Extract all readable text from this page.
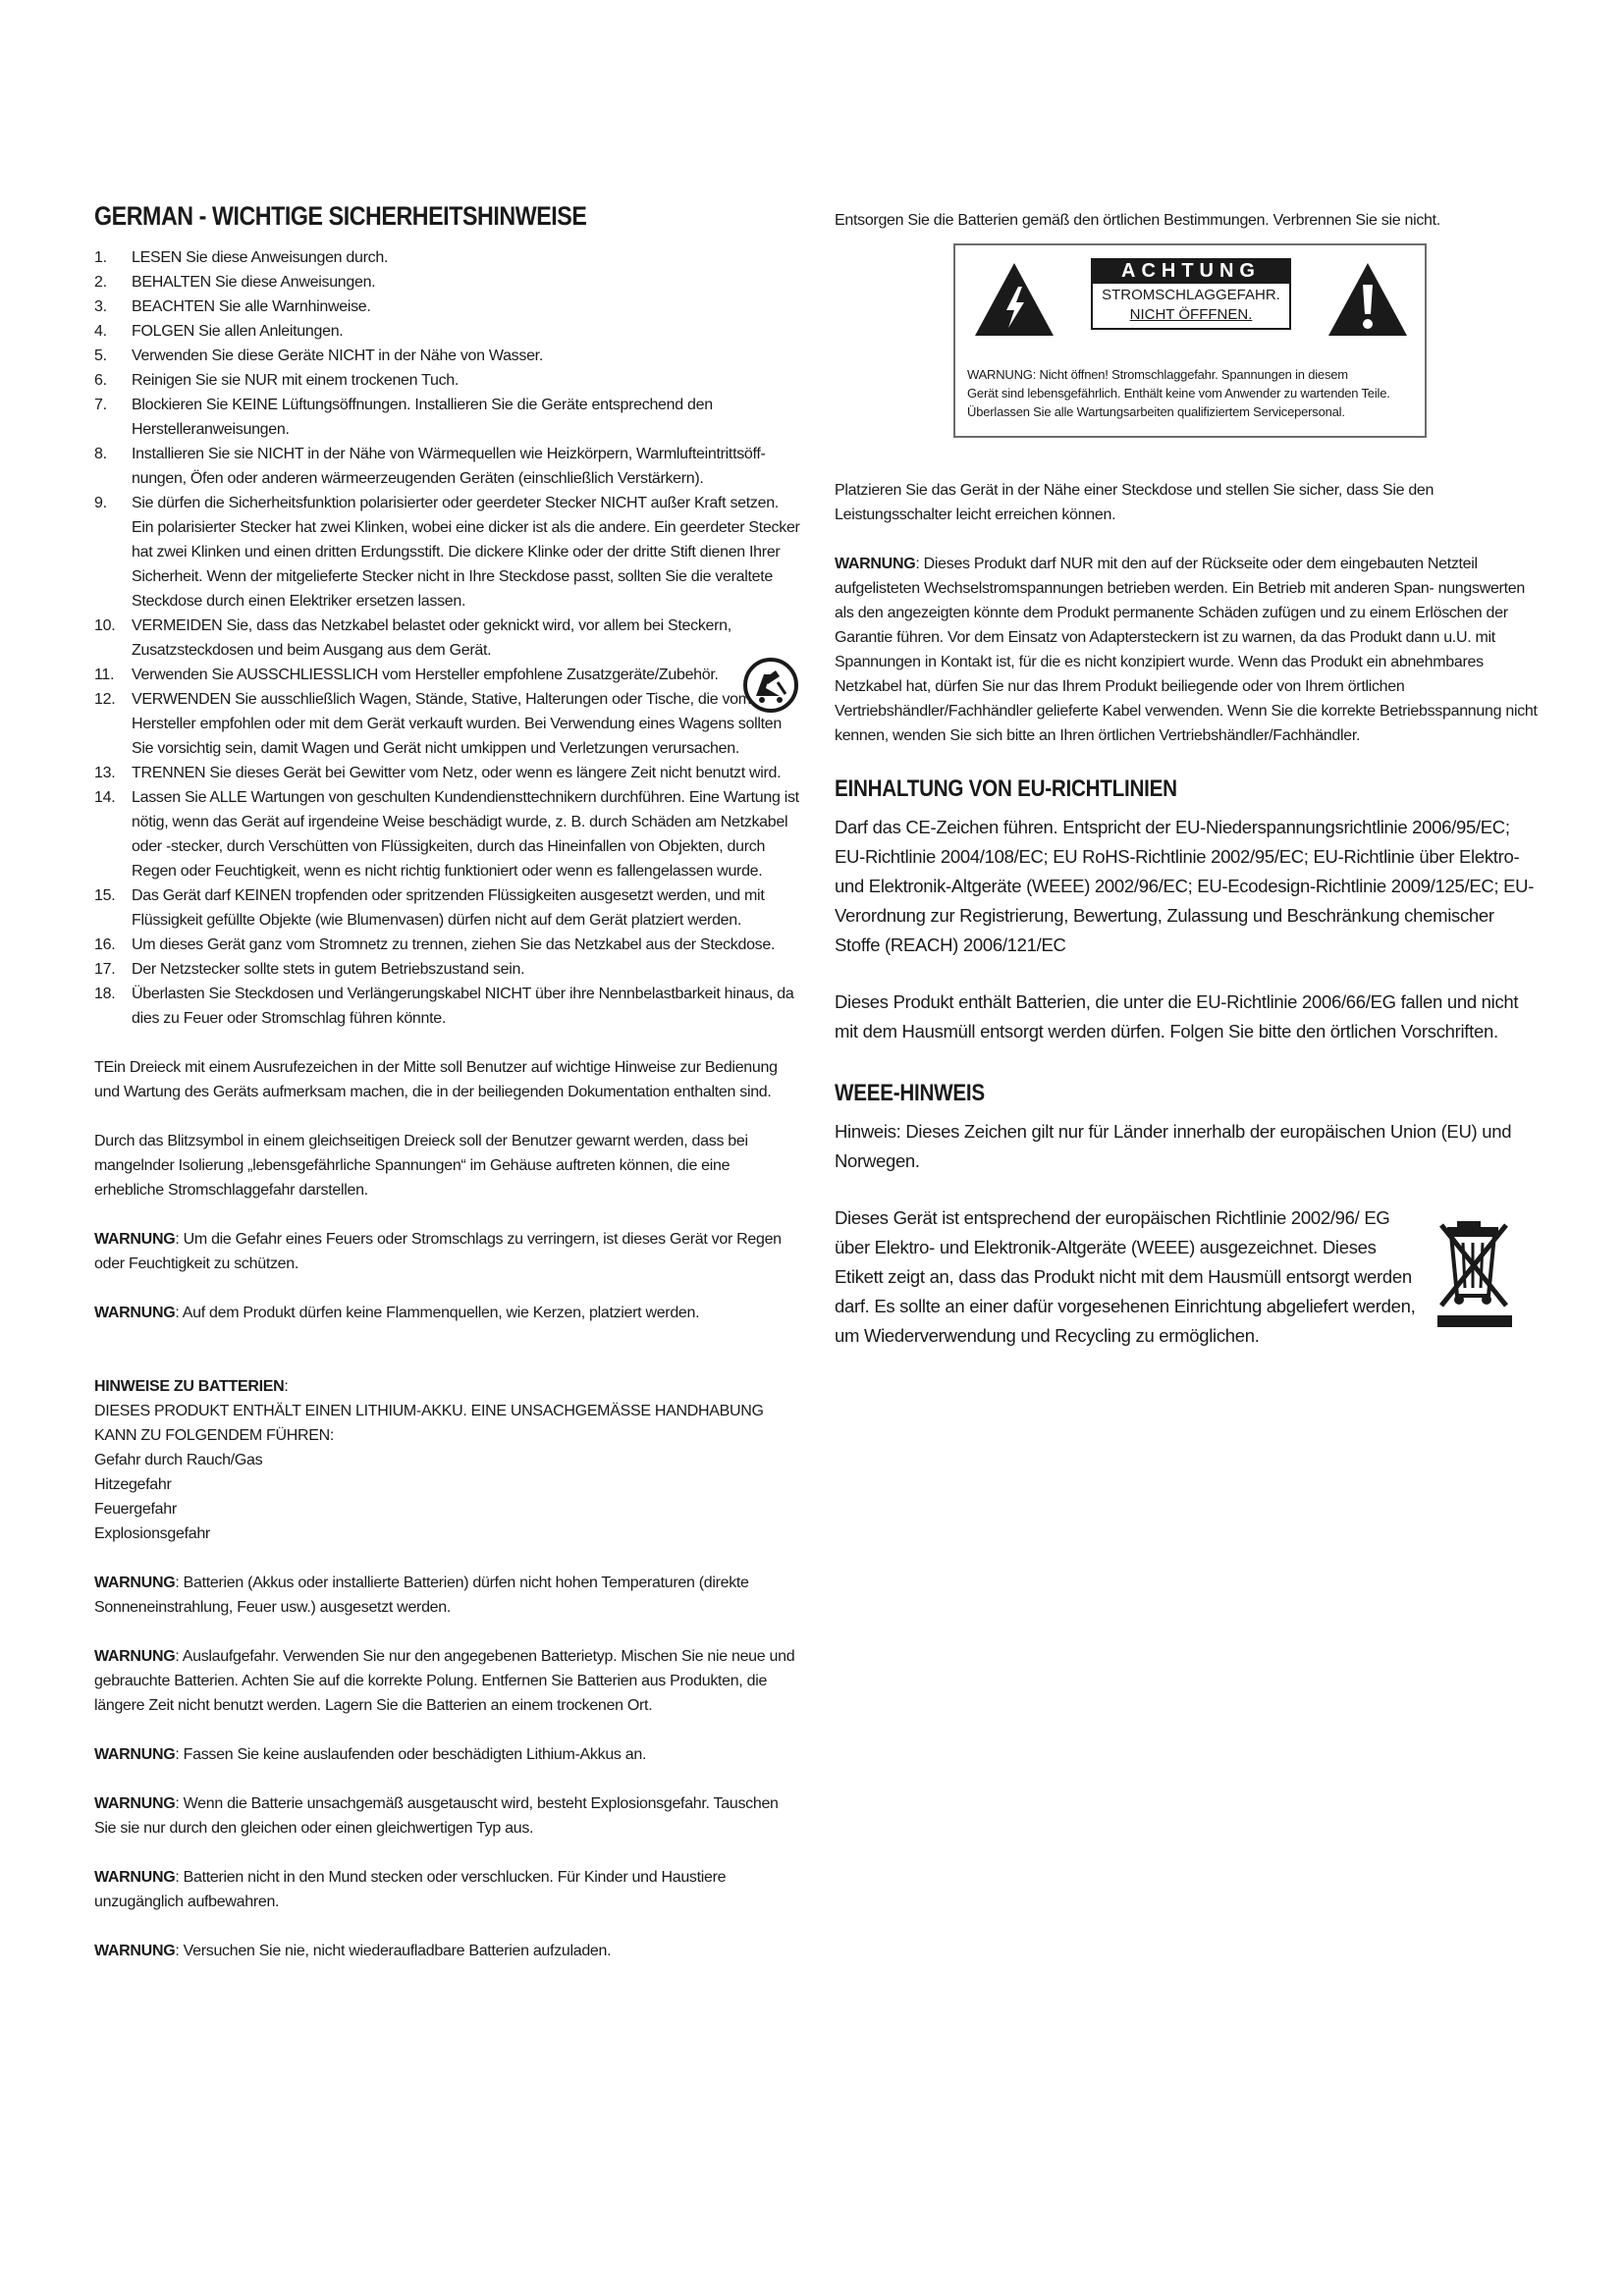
GERMAN - WICHTIGE SICHERHEITSHINWEISE
1. LESEN Sie diese Anweisungen durch.
2. BEHALTEN Sie diese Anweisungen.
3. BEACHTEN Sie alle Warnhinweise.
4. FOLGEN Sie allen Anleitungen.
5. Verwenden Sie diese Geräte NICHT in der Nähe von Wasser.
6. Reinigen Sie sie NUR mit einem trockenen Tuch.
7. Blockieren Sie KEINE Lüftungsöffnungen. Installieren Sie die Geräte entsprechend den Herstelleranweisungen.
8. Installieren Sie sie NICHT in der Nähe von Wärmequellen wie Heizkörpern, Warmlufteintrittsöff- nungen, Öfen oder anderen wärmeerzeugenden Geräten (einschließlich Verstärkern).
9. Sie dürfen die Sicherheitsfunktion polarisierter oder geerdeter Stecker NICHT außer Kraft setzen. Ein polarisierter Stecker hat zwei Klinken, wobei eine dicker ist als die andere. Ein geerdeter Stecker hat zwei Klinken und einen dritten Erdungsstift. Die dickere Klinke oder der dritte Stift dienen Ihrer Sicherheit. Wenn der mitgelieferte Stecker nicht in Ihre Steckdose passt, sollten Sie die veraltete Steckdose durch einen Elektriker ersetzen lassen.
10. VERMEIDEN Sie, dass das Netzkabel belastet oder geknickt wird, vor allem bei Steckern, Zusatzsteckdosen und beim Ausgang aus dem Gerät.
11. Verwenden Sie AUSSCHLIESSLICH vom Hersteller empfohlene Zusatzgeräte/Zubehör.
12. VERWENDEN Sie ausschließlich Wagen, Stände, Stative, Halterungen oder Tische, die vom Hersteller empfohlen oder mit dem Gerät verkauft wurden. Bei Verwendung eines Wagens sollten Sie vorsichtig sein, damit Wagen und Gerät nicht umkippen und Verletzungen verursachen.
13. TRENNEN Sie dieses Gerät bei Gewitter vom Netz, oder wenn es längere Zeit nicht benutzt wird.
14. Lassen Sie ALLE Wartungen von geschulten Kundendiensttechnikern durchführen. Eine Wartung ist nötig, wenn das Gerät auf irgendeine Weise beschädigt wurde, z. B. durch Schäden am Netzkabel oder -stecker, durch Verschütten von Flüssigkeiten, durch das Hineinfallen von Objekten, durch Regen oder Feuchtigkeit, wenn es nicht richtig funktioniert oder wenn es fallengelassen wurde.
15. Das Gerät darf KEINEN tropfenden oder spritzenden Flüssigkeiten ausgesetzt werden, und mit Flüssigkeit gefüllte Objekte (wie Blumenvasen) dürfen nicht auf dem Gerät platziert werden.
16. Um dieses Gerät ganz vom Stromnetz zu trennen, ziehen Sie das Netzkabel aus der Steckdose.
17. Der Netzstecker sollte stets in gutem Betriebszustand sein.
18. Überlasten Sie Steckdosen und Verlängerungskabel NICHT über ihre Nennbelastbarkeit hinaus, da dies zu Feuer oder Stromschlag führen könnte.

TEin Dreieck mit einem Ausrufezeichen in der Mitte soll Benutzer auf wichtige Hinweise zur Bedienung und Wartung des Geräts aufmerksam machen, die in der beiliegenden Dokumentation enthalten sind.

Durch das Blitzsymbol in einem gleichseitigen Dreieck soll der Benutzer gewarnt werden, dass bei mangelnder Isolierung „lebensgefährliche Spannungen“ im Gehäuse auftreten können, die eine erhebliche Stromschlaggefahr darstellen.

WARNUNG: Um die Gefahr eines Feuers oder Stromschlags zu verringern, ist dieses Gerät vor Regen oder Feuchtigkeit zu schützen.

WARNUNG: Auf dem Produkt dürfen keine Flammenquellen, wie Kerzen, platziert werden.

HINWEISE ZU BATTERIEN:

DIESES PRODUKT ENTHÄLT EINEN LITHIUM-AKKU. EINE UNSACHGEMÄSSE HANDHABUNG KANN ZU FOLGENDEM FÜHREN:

Gefahr durch Rauch/Gas
Hitzegefahr
Feuergefahr
Explosionsgefahr

WARNUNG: Batterien (Akkus oder installierte Batterien) dürfen nicht hohen Temperaturen (direkte Sonneneinstrahlung, Feuer usw.) ausgesetzt werden.

WARNUNG: Auslaufgefahr. Verwenden Sie nur den angegebenen Batterietyp. Mischen Sie nie neue und gebrauchte Batterien. Achten Sie auf die korrekte Polung. Entfernen Sie Batterien aus Produkten, die längere Zeit nicht benutzt werden. Lagern Sie die Batterien an einem trockenen Ort.

WARNUNG: Fassen Sie keine auslaufenden oder beschädigten Lithium-Akkus an.

WARNUNG: Wenn die Batterie unsachgemäß ausgetauscht wird, besteht Explosionsgefahr. Tauschen Sie sie nur durch den gleichen oder einen gleichwertigen Typ aus.

WARNUNG: Batterien nicht in den Mund stecken oder verschlucken. Für Kinder und Haustiere unzugänglich aufbewahren.

WARNUNG: Versuchen Sie nie, nicht wiederaufladbare Batterien aufzuladen.

Entsorgen Sie die Batterien gemäß den örtlichen Bestimmungen. Verbrennen Sie sie nicht.

Platzieren Sie das Gerät in der Nähe einer Steckdose und stellen Sie sicher, dass Sie den Leistungsschalter leicht erreichen können.

WARNUNG: Dieses Produkt darf NUR mit den auf der Rückseite oder dem eingebauten Netzteil aufgelisteten Wechselstromspannungen betrieben werden. Ein Betrieb mit anderen Span- nungswerten als den angezeigten könnte dem Produkt permanente Schäden zufügen und zu einem Erlöschen der Garantie führen. Vor dem Einsatz von Adaptersteckern ist zu warnen, da das Produkt dann u.U. mit Spannungen in Kontakt ist, für die es nicht konzipiert wurde. Wenn das Produkt ein abnehmbares Netzkabel hat, dürfen Sie nur das Ihrem Produkt beiliegende oder von Ihrem örtlichen Vertriebshändler/Fachhändler gelieferte Kabel verwenden. Wenn Sie die korrekte Betriebsspannung nicht kennen, wenden Sie sich bitte an Ihren örtlichen Vertriebshändler/Fachhändler.

EINHALTUNG VON EU-RICHTLINIEN

Darf das CE-Zeichen führen. Entspricht der EU-Niederspannungsrichtlinie 2006/95/EC; EU-Richtlinie 2004/108/EC; EU RoHS-Richtlinie 2002/95/EC; EU-Richtlinie über Elektro- und Elektronik-Altgeräte (WEEE) 2002/96/EC; EU-Ecodesign-Richtlinie 2009/125/EC; EU-Verordnung zur Registrierung, Bewertung, Zulassung und Beschränkung chemischer Stoffe (REACH) 2006/121/EC

Dieses Produkt enthält Batterien, die unter die EU-Richtlinie 2006/66/EG fallen und nicht mit dem Hausmüll entsorgt werden dürfen. Folgen Sie bitte den örtlichen Vorschriften.

WEEE-HINWEIS

Hinweis: Dieses Zeichen gilt nur für Länder innerhalb der europäischen Union (EU) und Norwegen.

Dieses Gerät ist entsprechend der europäischen Richtlinie 2002/96/ EG über Elektro- und Elektronik-Altgeräte (WEEE) ausgezeichnet. Dieses Etikett zeigt an, dass das Produkt nicht mit dem Hausmüll entsorgt werden darf. Es sollte an einer dafür vorgesehenen Einrichtung abgeliefert werden, um Wiederverwendung und Recycling zu ermöglichen.

ACHTUNG
STROMSCHLAGGEFAHR.
NICHT ÖFFFNEN.
WARNUNG: Nicht öffnen! Stromschlaggefahr. Spannungen in diesem
Gerät sind lebensgefährlich. Enthält keine vom Anwender zu wartenden Teile.
Überlassen Sie alle Wartungsarbeiten qualifiziertem Servicepersonal.
